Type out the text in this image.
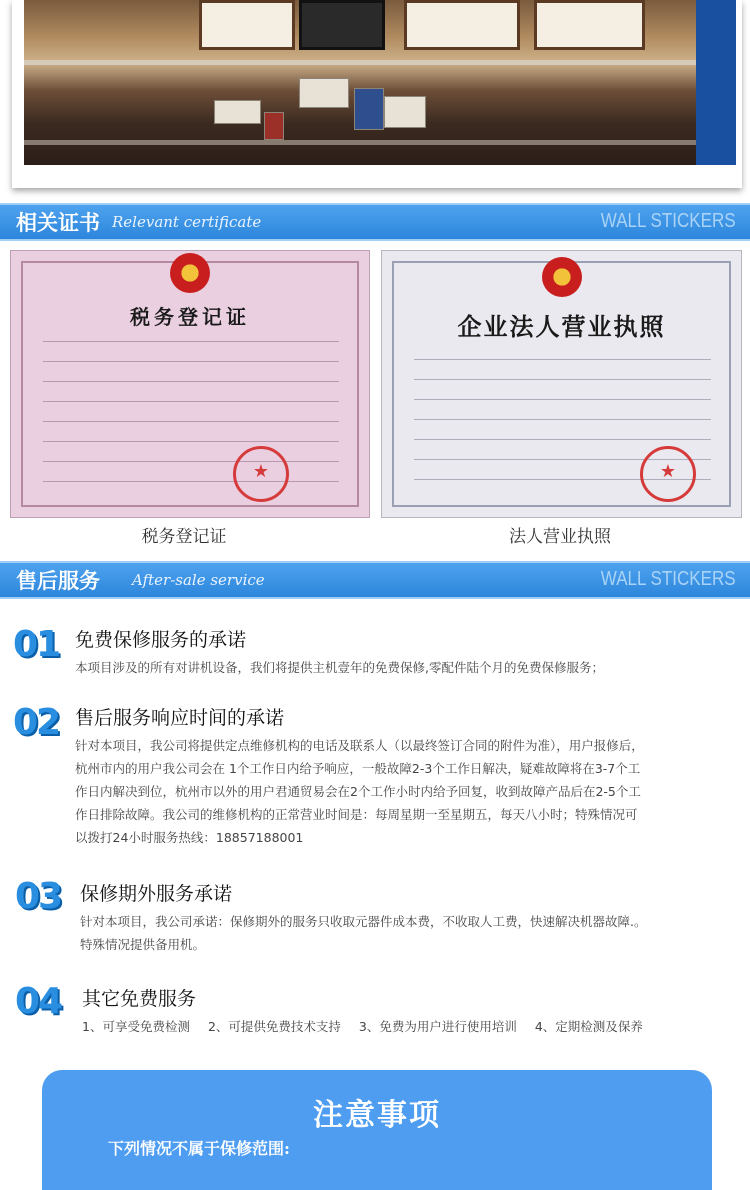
相关证书 Relevant certificate	WALL STICKERS
税务登记证
★	企业法人营业执照
★
税务登记证	法人营业执照
售后服务 After-sale service	WALL STICKERS
01 免费保修服务的承诺
本项目涉及的所有对讲机设备，我们将提供主机壹年的免费保修,零配件陆个月的免费保修服务；
02 售后服务响应时间的承诺
针对本项目，我公司将提供定点维修机构的电话及联系人（以最终签订合同的附件为准），用户报修后，
杭州市内的用户我公司会在 1个工作日内给予响应，一般故障2-3个工作日解决，疑难故障将在3-7个工
作日内解决到位，杭州市以外的用户君通贸易会在2个工作小时内给予回复，收到故障产品后在2-5个工
作日排除故障。我公司的维修机构的正常营业时间是：每周星期一至星期五，每天八小时；特殊情况可
以拨打24小时服务热线：18857188001
03 保修期外服务承诺
针对本项目，我公司承诺：保修期外的服务只收取元器件成本费，不收取人工费，快速解决机器故障.。
特殊情况提供备用机。
04 其它免费服务
1、可享受免费检测 2、可提供免费技术支持 3、免费为用户进行使用培训 4、定期检测及保养
注意事项
下列情况不属于保修范围:
